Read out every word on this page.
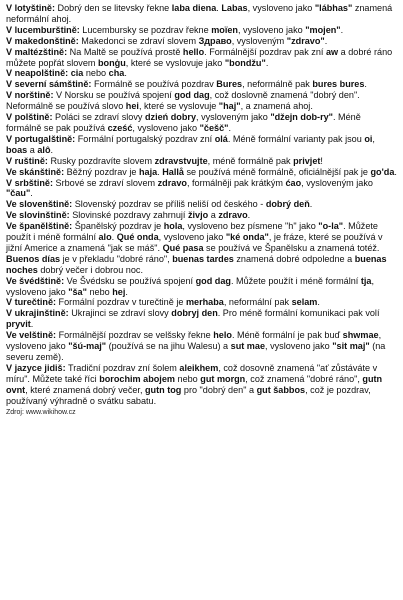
V lotyštině: Dobrý den se litevsky řekne laba diena. Labas, vysloveno jako "lábhas" znamená neformální ahoj.

V lucemburštině: Lucembursky se pozdrav řekne moïen, vysloveno jako "mojen".

V makedonštině: Makedonci se zdraví slovem Здраво, vysloveným "zdravo".

V maltézštině: Na Maltě se používá prostě hello. Formálnější pozdrav pak zní aw a dobré ráno můžete popřát slovem bonġu, které se vyslovuje jako "bondžu".

V neapolštině: cia nebo cha.

V severní sámštině: Formálně se používá pozdrav Bures, neformálně pak bures bures.

V norštině: V Norsku se používá spojení god dag, což doslovně znamená "dobrý den". Neformálně se používá slovo hei, které se vyslovuje "haj", a znamená ahoj.

V polštině: Poláci se zdraví slovy dzień dobry, vysloveným jako "džejn dob-ry". Méně formálně se pak používá cześć, vysloveno jako "češč".

V portugalštině: Formální portugalský pozdrav zní olá. Méně formální varianty pak jsou oi, boas a alô.

V ruštině: Rusky pozdravíte slovem zdravstvujte, méně formálně pak privjet!

Ve skánštině: Běžný pozdrav je haja. Hallå se používá méně formálně, oficiálnější pak je go'da.

V srbštině: Srbové se zdraví slovem zdravo, formálněji pak krátkým ćao, vysloveným jako "čau".

Ve slovenštině: Slovenský pozdrav se příliš neliší od českého - dobrý deň.

Ve slovinštině: Slovinské pozdravy zahrnují živjo a zdravo.

Ve španělštině: Španělský pozdrav je hola, vysloveno bez písmene "h" jako "o-la". Můžete použít i méně formální alo. Qué onda, vysloveno jako "ké onda", je fráze, které se používá v jižní Americe a znamená "jak se máš". Qué pasa se používá ve Španělsku a znamená totéž. Buenos días je v překladu "dobré ráno", buenas tardes znamená dobré odpoledne a buenas noches dobrý večer i dobrou noc.

Ve švédštině: Ve Švédsku se používá spojení god dag. Můžete použít i méně formální tja, vysloveno jako "ša" nebo hej.

V turečtině: Formální pozdrav v turečtině je merhaba, neformální pak selam.

V ukrajinštině: Ukrajinci se zdraví slovy dobryj den. Pro méně formální komunikaci pak volí pryvit.

Ve velštině: Formálnější pozdrav se velšsky řekne helo. Méně formální je pak buď shwmae, vysloveno jako "šú-maj" (používá se na jihu Walesu) a sut mae, vysloveno jako "sit maj" (na severu země).

V jazyce jidiš: Tradiční pozdrav zní šolem aleikhem, což dosovně znamená "ať zůstáváte v míru". Můžete také říci borochim abojem nebo gut morgn, což znamená "dobré ráno", gutn ovnt, které znamená dobrý večer, gutn tog pro "dobrý den" a gut šabbos, což je pozdrav, používaný výhradně o svátku sabatu.

Zdroj: www.wikihow.cz
